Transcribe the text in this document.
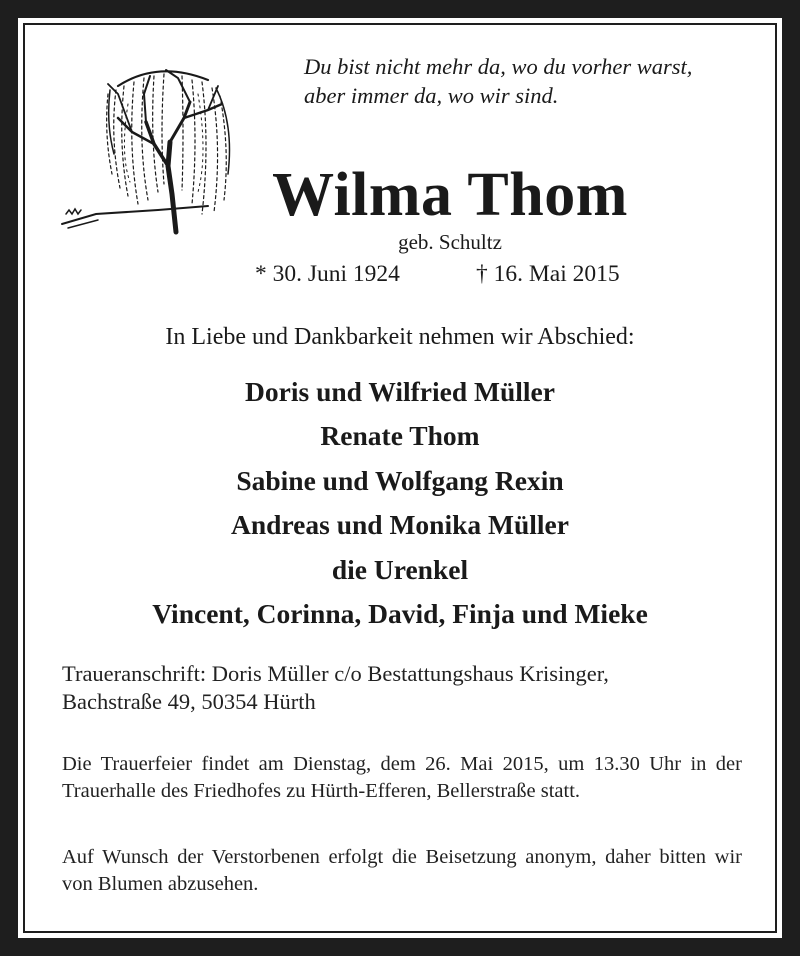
Du bist nicht mehr da, wo du vorher warst,
aber immer da, wo wir sind.
Wilma Thom
geb. Schultz
* 30. Juni 1924	† 16. Mai 2015
In Liebe und Dankbarkeit nehmen wir Abschied:
Doris und Wilfried Müller
Renate Thom
Sabine und Wolfgang Rexin
Andreas und Monika Müller
die Urenkel
Vincent, Corinna, David, Finja und Mieke
Traueranschrift: Doris Müller c/o Bestattungshaus Krisinger,
Bachstraße 49, 50354 Hürth
Die Trauerfeier findet am Dienstag, dem 26. Mai 2015, um 13.30 Uhr in der Trauerhalle des Friedhofes zu Hürth-Efferen, Bellerstraße statt.
Auf Wunsch der Verstorbenen erfolgt die Beisetzung anonym, daher bitten wir von Blumen abzusehen.
